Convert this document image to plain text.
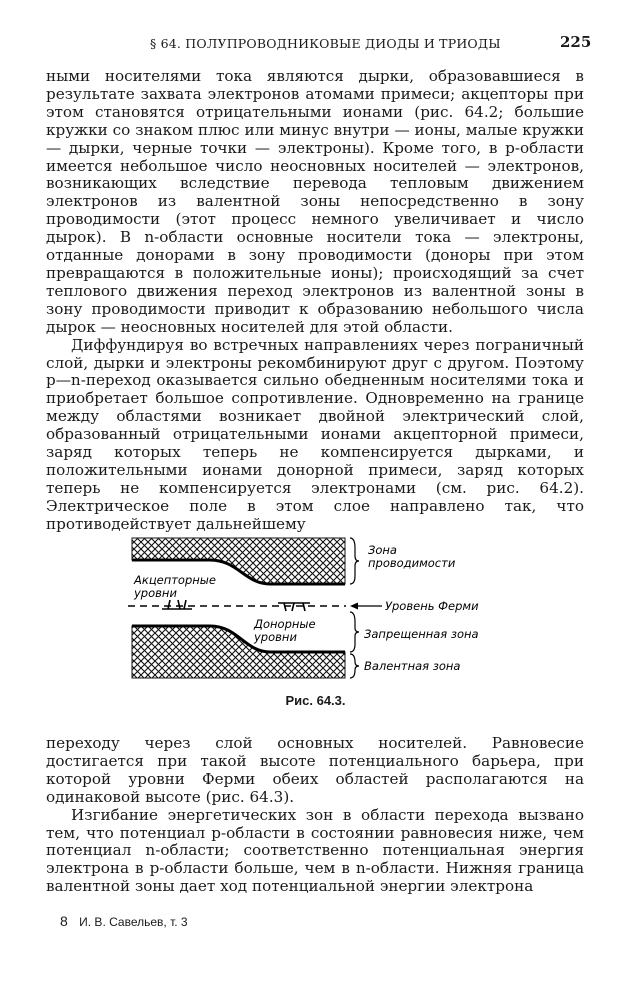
§ 64. ПОЛУПРОВОДНИКОВЫЕ ДИОДЫ И ТРИОДЫ	225

ными носителями тока являются дырки, образовавшиеся в результате захвата электронов атомами примеси; акцепторы при этом становятся отрицательными ионами (рис. 64.2; большие кружки со знаком плюс или минус внутри — ионы, малые кружки — дырки, черные точки — электроны). Кроме того, в p-области имеется небольшое число неосновных носителей — электронов, возникающих вследствие перевода тепловым движением электронов из валентной зоны непосредственно в зону проводимости (этот процесс немного увеличивает и число дырок). В n-области основные носители тока — электроны, отданные донорами в зону проводимости (доноры при этом превращаются в положительные ионы); происходящий за счет теплового движения переход электронов из валентной зоны в зону проводимости приводит к образованию небольшого числа дырок — неосновных носителей для этой области.

Диффундируя во встречных направлениях через пограничный слой, дырки и электроны рекомбинируют друг с другом. Поэтому p—n-переход оказывается сильно обедненным носителями тока и приобретает большое сопротивление. Одновременно на границе между областями возникает двойной электрический слой, образованный отрицательными ионами акцепторной примеси, заряд которых теперь не компенсируется дырками, и положительными ионами донорной примеси, заряд которых теперь не компенсируется электронами (см. рис. 64.2). Электрическое поле в этом слое направлено так, что противодействует дальнейшему

Зона проводимости
Акцепторные уровни
Уровень Ферми
Донорные уровни	Запрещенная зона
Валентная зона
Рис. 64.3.

переходу через слой основных носителей. Равновесие достигается при такой высоте потенциального барьера, при которой уровни Ферми обеих областей располагаются на одинаковой высоте (рис. 64.3).

Изгибание энергетических зон в области перехода вызвано тем, что потенциал p-области в состоянии равновесия ниже, чем потенциал n-области; соответственно потенциальная энергия электрона в p-области больше, чем в n-области. Нижняя граница валентной зоны дает ход потенциальной энергии электрона

8 И. В. Савельев, т. 3
